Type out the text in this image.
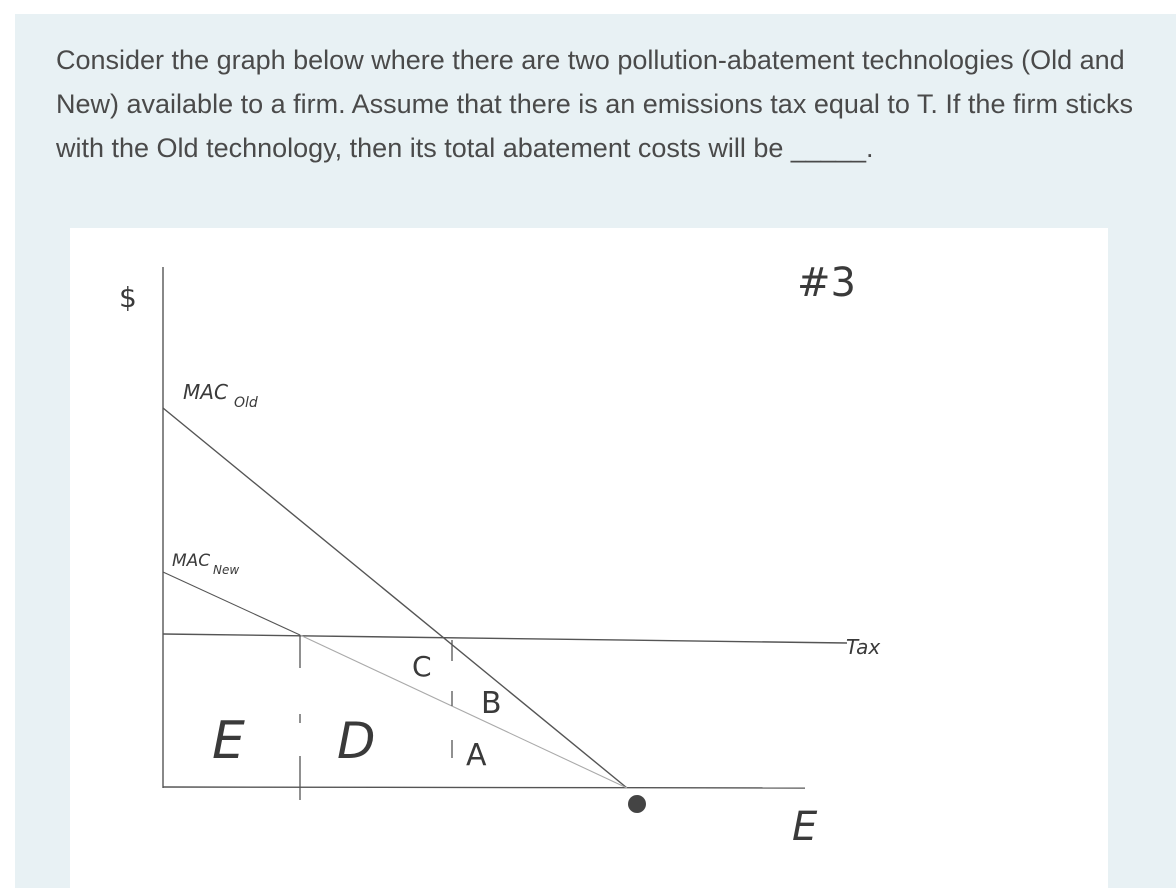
Consider the graph below where there are two pollution-abatement technologies (Old and New) available to a firm. Assume that there is an emissions tax equal to T. If the firm sticks with the Old technology, then its total abatement costs will be _____.

$	#3
MAC Old
MAC New
Tax
C
B
A
D
E
E
